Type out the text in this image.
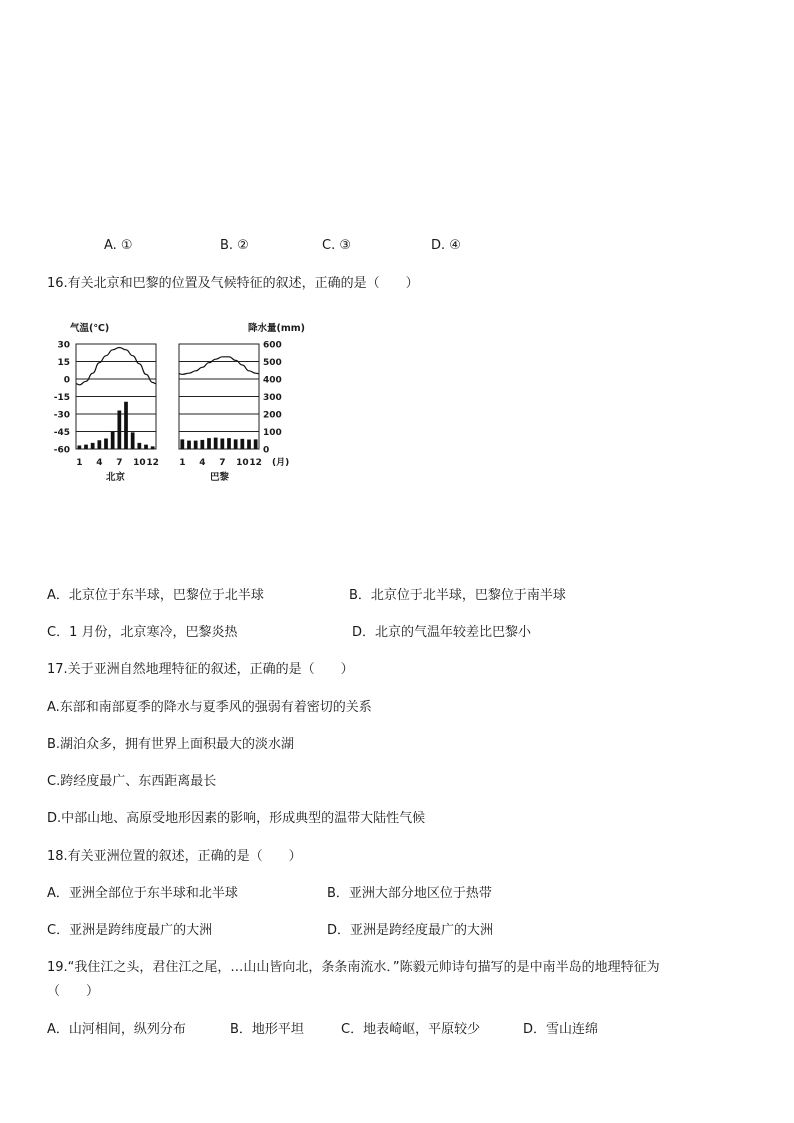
A. ①	B. ②	C. ③	D. ④
16.有关北京和巴黎的位置及气候特征的叙述，正确的是（　　）
气温(℃)	降水量(mm)
30
15
0
-15
-30
-45
-60
600
500
400
300
200
100
0
1 4 7 10 12 1 4 7 10 12 (月)
北京	巴黎
A．北京位于东半球，巴黎位于北半球	B．北京位于北半球，巴黎位于南半球
C．1 月份，北京寒冷，巴黎炎热	D．北京的气温年较差比巴黎小
17.关于亚洲自然地理特征的叙述，正确的是（　　）
A.东部和南部夏季的降水与夏季风的强弱有着密切的关系
B.湖泊众多，拥有世界上面积最大的淡水湖
C.跨经度最广、东西距离最长
D.中部山地、高原受地形因素的影响，形成典型的温带大陆性气候
18.有关亚洲位置的叙述，正确的是（　　）
A．亚洲全部位于东半球和北半球	B．亚洲大部分地区位于热带
C．亚洲是跨纬度最广的大洲	D．亚洲是跨经度最广的大洲
19.“我住江之头，君住江之尾，…山山皆向北，条条南流水．”陈毅元帅诗句描写的是中南半岛的地理特征为
（　　）
A．山河相间，纵列分布	B．地形平坦	C．地表崎岖，平原较少	D．雪山连绵
